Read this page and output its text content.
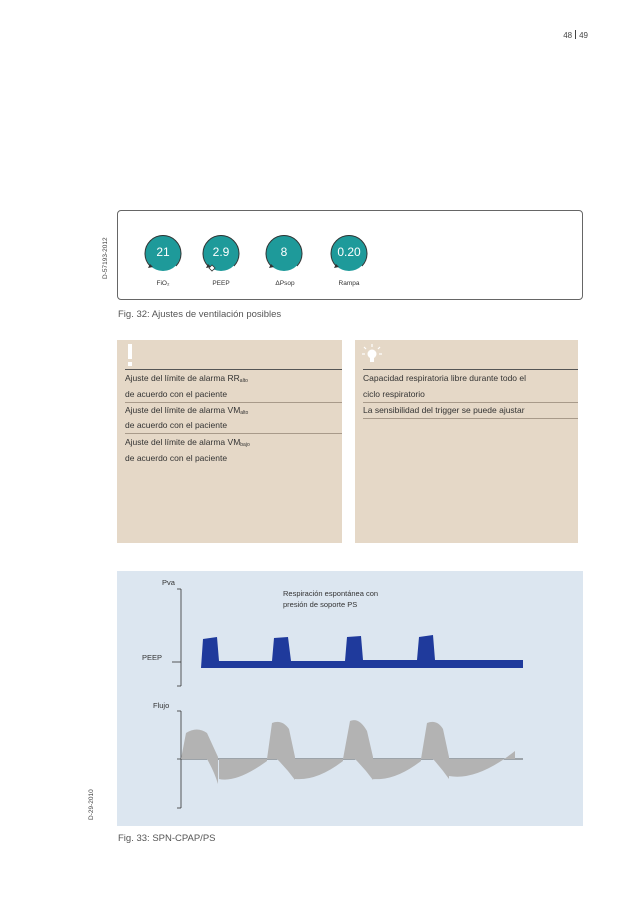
48 49
D-57193-2012	21
FiO₂
2.9
PEEP
8
ΔPsop
0.20
Rampa
Fig. 32: Ajustes de ventilación posibles
Ajuste del límite de alarma $RR_{alto}$
de acuerdo con el paciente
Ajuste del límite de alarma $VM_{alto}$
de acuerdo con el paciente
Ajuste del límite de alarma $VM_{bajo}$
de acuerdo con el paciente
Capacidad respiratoria libre durante todo el
ciclo respiratorio
La sensibilidad del trigger se puede ajustar
D-29-2010
Pva
Respiración espontánea con
presión de soporte PS
PEEP
Flujo
Fig. 33: SPN-CPAP/PS
